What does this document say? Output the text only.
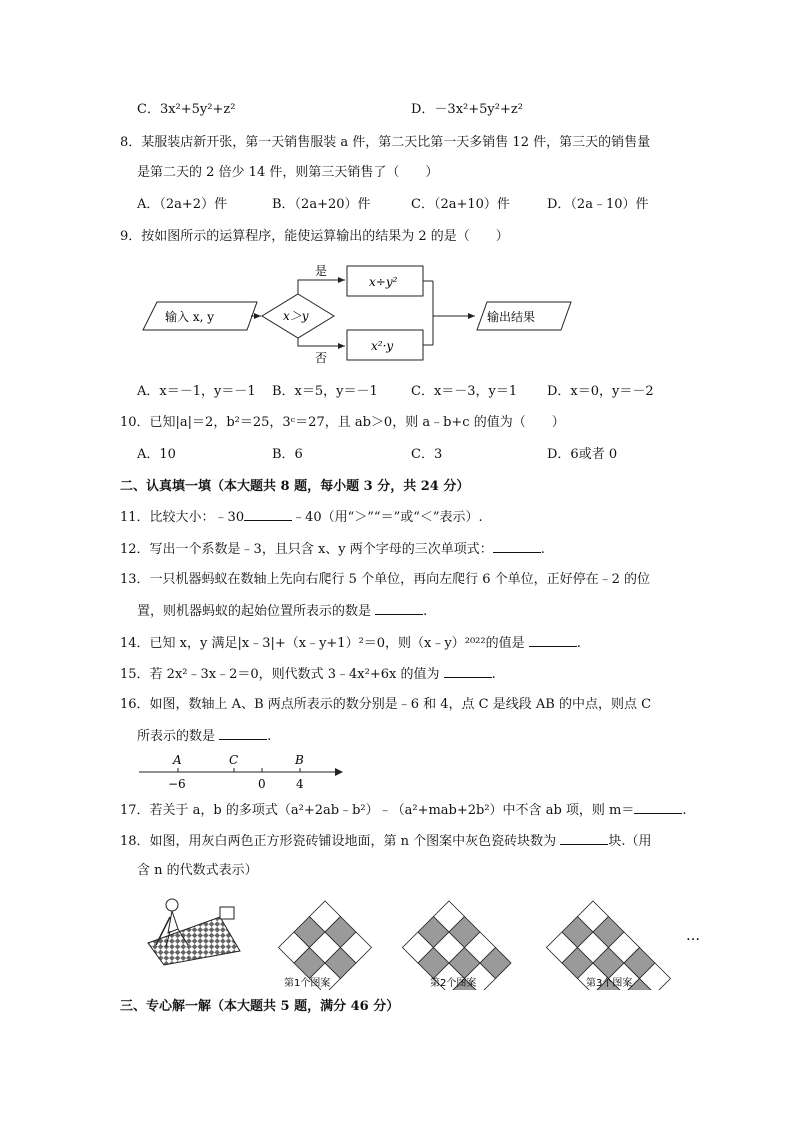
C．3x²+5y²+z²	D．－3x²+5y²+z²
8．某服装店新开张，第一天销售服装 a 件，第二天比第一天多销售 12 件，第三天的销售量
是第二天的 2 倍少 14 件，则第三天销售了（　　）
A．（2a+2）件	B．（2a+20）件	C．（2a+10）件	D．（2a﹣10）件
9．按如图所示的运算程序，能使运算输出的结果为 2 的是（　　）
输入 x, y	x＞y
是
x÷y²
否
x²·y
输出结果
A．x＝－1，y＝－1 B．x＝5，y＝－1	C．x＝－3，y＝1 D．x＝0，y＝－2
10．已知|a|＝2，b²＝25，3ᶜ＝27，且 ab＞0，则 a﹣b+c 的值为（　　）
A．10	B．6	C．3	D．6或者 0
二、认真填一填（本大题共 8 题，每小题 3 分，共 24 分）
11．比较大小：﹣30	﹣40（用“＞”“＝”或“＜”表示）.
12．写出一个系数是﹣3，且只含 x、y 两个字母的三次单项式：	.
13．一只机器蚂蚁在数轴上先向右爬行 5 个单位，再向左爬行 6 个单位，正好停在﹣2 的位
置，则机器蚂蚁的起始位置所表示的数是	.
14．已知 x，y 满足|x﹣3|+（x﹣y+1）²＝0，则（x﹣y）²⁰²²的值是	.
15．若 2x²﹣3x﹣2＝0，则代数式 3﹣4x²+6x 的值为	.
16．如图，数轴上 A、B 两点所表示的数分别是﹣6 和 4，点 C 是线段 AB 的中点，则点 C
所表示的数是	.
A	C	B
−6	0	4
17．若关于 a，b 的多项式（a²+2ab﹣b²）﹣（a²+mab+2b²）中不含 ab 项，则 m＝	.
18．如图，用灰白两色正方形瓷砖铺设地面，第 n 个图案中灰色瓷砖块数为	块.（用
含 n 的代数式表示）
第1个图案	第2个图案	第3个图案
…
三、专心解一解（本大题共 5 题，满分 46 分）
